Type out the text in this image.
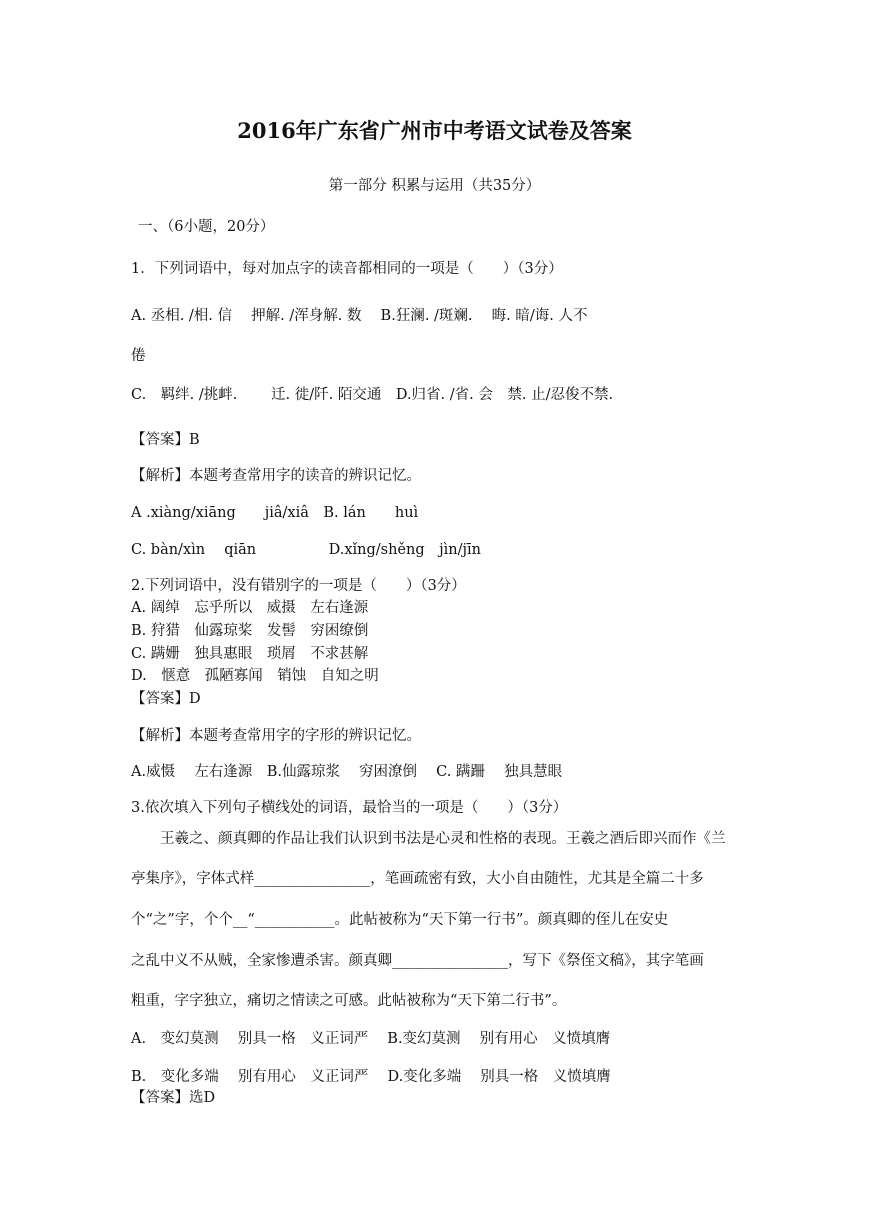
2016年广东省广州市中考语文试卷及答案
第一部分 积累与运用（共35分）
一、（6小题，20分）
1．下列词语中，每对加点字的读音都相同的一项是（　　）（3分）
A. 丞相. /相. 信　 押解. /浑身解. 数　 B.狂澜. /斑斓.　 晦. 暗/诲. 人不
倦
C.　羁绊. /挑衅.　　 迁. 徙/阡. 陌交通　D.归省. /省. 会　禁. 止/忍俊不禁.
【答案】B
【解析】本题考查常用字的读音的辨识记忆。
A .xiàng/xiāng　　jiâ/xiâ　B. lán　　huì
C. bàn/xìn　 qiān　　　　　D.xǐng/shěng　jìn/jīn
2.下列词语中，没有错别字的一项是（　　）（3分）
A. 阔绰　忘乎所以　威摄　左右逢源
B. 狩猎　仙露琼桨　发髻　穷困缭倒
C. 蹒姗　独具惠眼　琐屑　不求甚解
D.　惬意　孤陋寡闻　销蚀　自知之明
【答案】D
【解析】本题考查常用字的字形的辨识记忆。
A.威慑　 左右逢源　B.仙露琼浆　 穷困潦倒　 C. 蹒跚　 独具慧眼
3.依次填入下列句子横线处的词语，最恰当的一项是（　　）（3分）
　　王羲之、颜真卿的作品让我们认识到书法是心灵和性格的表现。王羲之酒后即兴而作《兰
亭集序》，字体式样________________，笔画疏密有致，大小自由随性，尤其是全篇二十多
个“之”字，个个__“___________。此帖被称为“天下第一行书”。颜真卿的侄儿在安史
之乱中义不从贼，全家惨遭杀害。颜真卿________________，写下《祭侄文稿》，其字笔画
粗重，字字独立，痛切之情读之可感。此帖被称为“天下第二行书”。
A.　变幻莫测　 别具一格　义正词严　 B.变幻莫测　 别有用心　义愤填膺
B.　变化多端　 别有用心　义正词严　 D.变化多端　 别具一格　义愤填膺
【答案】选D
